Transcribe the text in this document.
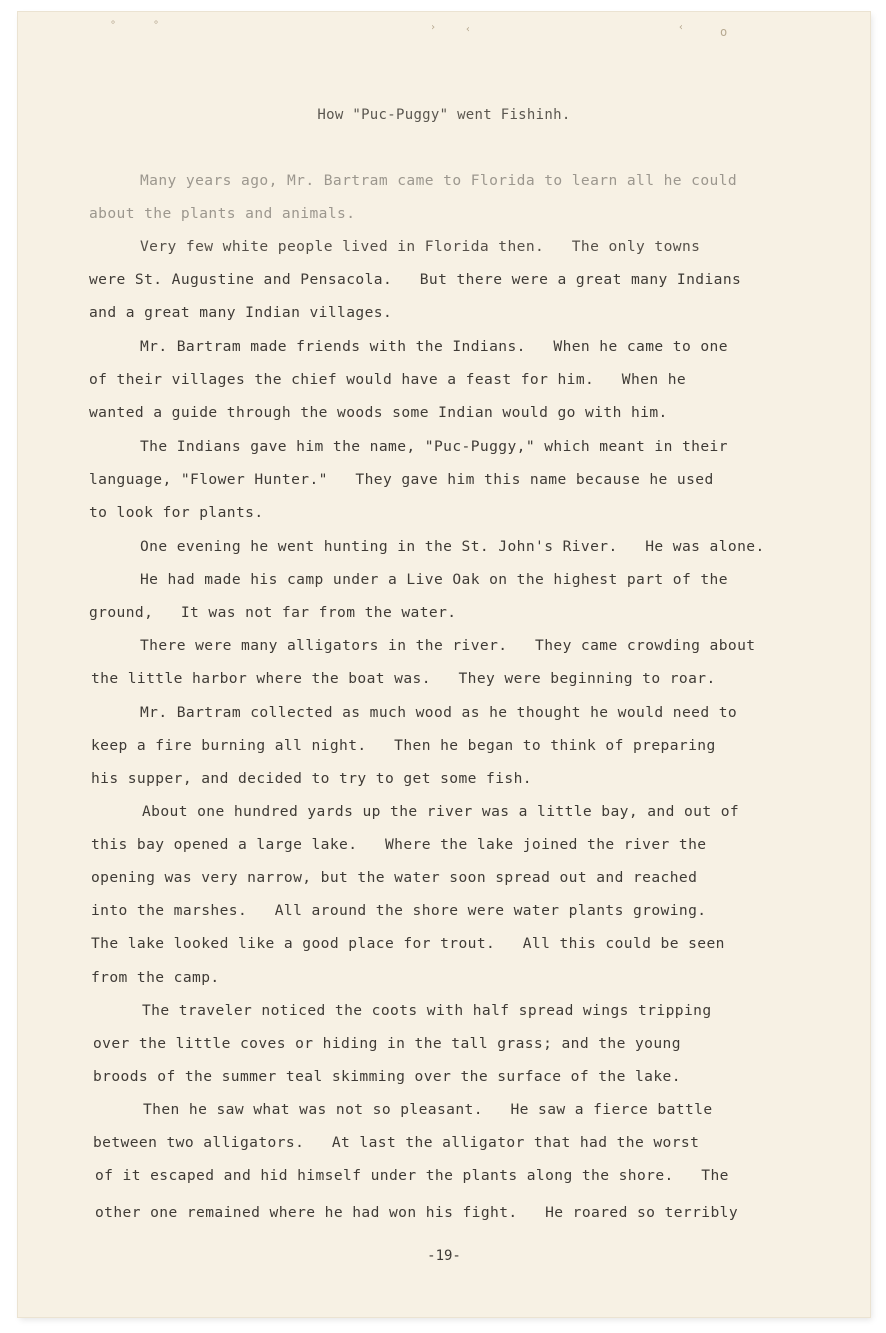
°	°	›	‹	‹	o
How "Puc-Puggy" went Fishinh.
Many years ago, Mr. Bartram came to Florida to learn all he could
about the plants and animals.
Very few white people lived in Florida then.   The only towns
were St. Augustine and Pensacola.   But there were a great many Indians
and a great many Indian villages.
Mr. Bartram made friends with the Indians.   When he came to one
of their villages the chief would have a feast for him.   When he
wanted a guide through the woods some Indian would go with him.
The Indians gave him the name, "Puc-Puggy," which meant in their
language, "Flower Hunter."   They gave him this name because he used
to look for plants.
One evening he went hunting in the St. John's River.   He was alone.
He had made his camp under a Live Oak on the highest part of the
ground,   It was not far from the water.
There were many alligators in the river.   They came crowding about
the little harbor where the boat was.   They were beginning to roar.
Mr. Bartram collected as much wood as he thought he would need to
keep a fire burning all night.   Then he began to think of preparing
his supper, and decided to try to get some fish.
About one hundred yards up the river was a little bay, and out of
this bay opened a large lake.   Where the lake joined the river the
opening was very narrow, but the water soon spread out and reached
into the marshes.   All around the shore were water plants growing.
The lake looked like a good place for trout.   All this could be seen
from the camp.
The traveler noticed the coots with half spread wings tripping
over the little coves or hiding in the tall grass; and the young
broods of the summer teal skimming over the surface of the lake.
Then he saw what was not so pleasant.   He saw a fierce battle
between two alligators.   At last the alligator that had the worst
of it escaped and hid himself under the plants along the shore.   The
other one remained where he had won his fight.   He roared so terribly
-19-
